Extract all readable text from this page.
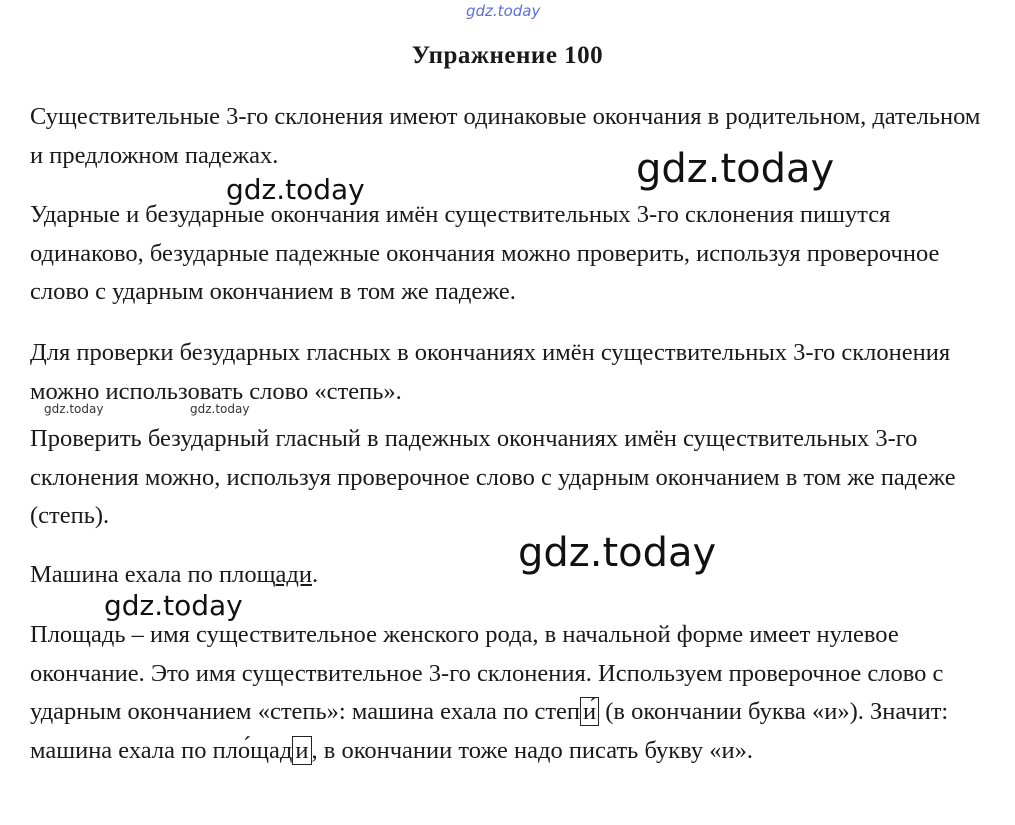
gdz.today
Упражнение 100

Существительные 3-го склонения имеют одинаковые окончания в родительном, дательном и предложном падежах.

Ударные и безударные окончания имён существительных 3-го склонения пишутся одинаково, безударные падежные окончания можно проверить, используя проверочное слово с ударным окончанием в том же падеже.

Для проверки безударных гласных в окончаниях имён существительных 3-го склонения можно использовать слово «степь».

Проверить безударный гласный в падежных окончаниях имён существительных 3-го склонения можно, используя проверочное слово с ударным окончанием в том же падеже (степь).

Машина ехала по площади.

Площадь – имя существительное женского рода, в начальной форме имеет нулевое окончание. Это имя существительное 3-го склонения. Используем проверочное слово с ударным окончанием «степь»: машина ехала по степ и́ (в окончании буква «и»). Значит: машина ехала по пло́щад и , в окончании тоже надо писать букву «и».

gdz.today
gdz.today
gdz.today	gdz.today
gdz.today
gdz.today
